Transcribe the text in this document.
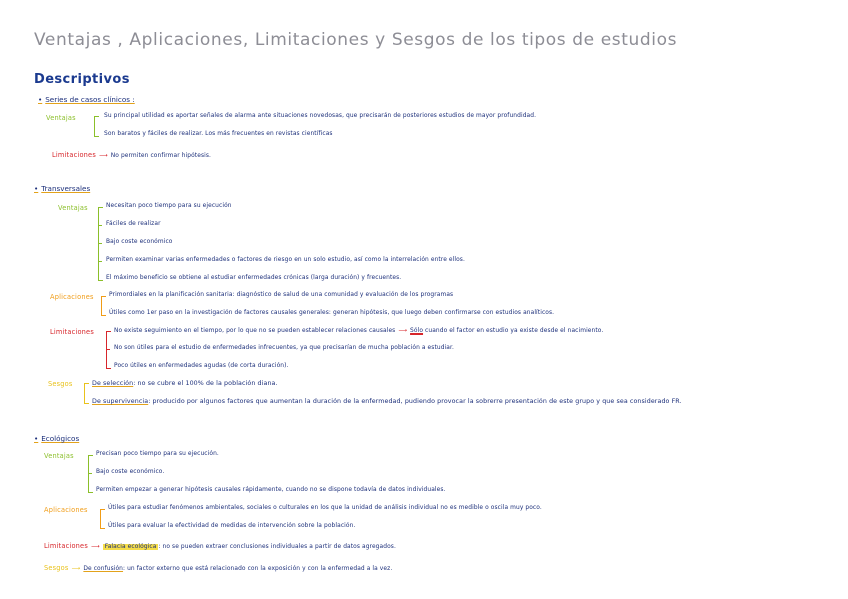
Ventajas , Aplicaciones, Limitaciones y Sesgos de los tipos de estudios
Descriptivos
• Series de casos clínicos :
Ventajas	Su principal utilidad es aportar señales de alarma ante situaciones novedosas, que precisarán de posteriores estudios de mayor profundidad.
Son baratos y fáciles de realizar. Los más frecuentes en revistas científicas
Limitaciones ⟶ No permiten confirmar hipótesis.
• Transversales
Ventajas	Necesitan poco tiempo para su ejecución
Fáciles de realizar
Bajo coste económico
Permiten examinar varias enfermedades o factores de riesgo en un solo estudio, así como la interrelación entre ellos.
El máximo beneficio se obtiene al estudiar enfermedades crónicas (larga duración) y frecuentes.
Aplicaciones	Primordiales en la planificación sanitaria: diagnóstico de salud de una comunidad y evaluación de los programas
Útiles como 1er paso en la investigación de factores causales generales: generan hipótesis, que luego deben confirmarse con estudios analíticos.
Limitaciones	No existe seguimiento en el tiempo, por lo que no se pueden establecer relaciones causales ⟶ Sólo cuando el factor en estudio ya existe desde el nacimiento.
No son útiles para el estudio de enfermedades infrecuentes, ya que precisarían de mucha población a estudiar.
Poco útiles en enfermedades agudas (de corta duración).
Sesgos	De selección: no se cubre el 100% de la población diana.
De supervivencia: producido por algunos factores que aumentan la duración de la enfermedad, pudiendo provocar la sobrerre presentación de este grupo y que sea considerado FR.
• Ecológicos
Ventajas	Precisan poco tiempo para su ejecución.
Bajo coste económico.
Permiten empezar a generar hipótesis causales rápidamente, cuando no se dispone todavía de datos individuales.
Aplicaciones	Útiles para estudiar fenómenos ambientales, sociales o culturales en los que la unidad de análisis individual no es medible o oscila muy poco.
Útiles para evaluar la efectividad de medidas de intervención sobre la población.
Limitaciones ⟶ Falacia ecológica : no se pueden extraer conclusiones individuales a partir de datos agregados.
Sesgos ⟶ De confusión: un factor externo que está relacionado con la exposición y con la enfermedad a la vez.
